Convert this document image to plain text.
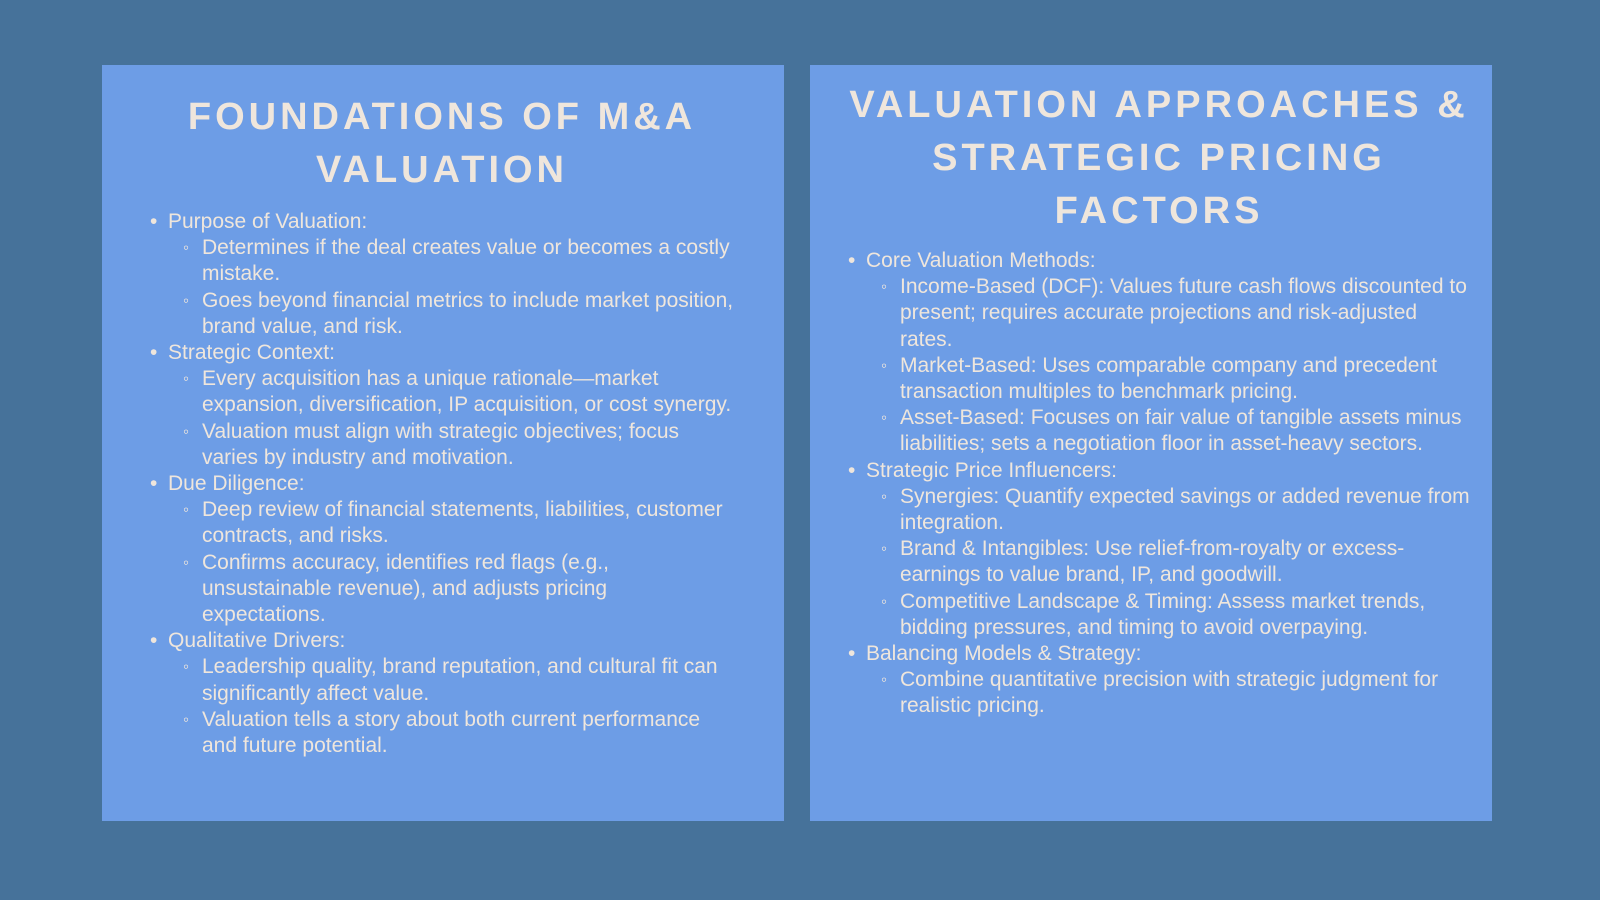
FOUNDATIONS OF M&A VALUATION
• Purpose of Valuation:
◦ Determines if the deal creates value or becomes a costly mistake.
◦ Goes beyond financial metrics to include market position, brand value, and risk.
• Strategic Context:
◦ Every acquisition has a unique rationale—market expansion, diversification, IP acquisition, or cost synergy.
◦ Valuation must align with strategic objectives; focus varies by industry and motivation.
• Due Diligence:
◦ Deep review of financial statements, liabilities, customer contracts, and risks.
◦ Confirms accuracy, identifies red flags (e.g., unsustainable revenue), and adjusts pricing expectations.
• Qualitative Drivers:
◦ Leadership quality, brand reputation, and cultural fit can significantly affect value.
◦ Valuation tells a story about both current performance and future potential.
VALUATION APPROACHES & STRATEGIC PRICING FACTORS
• Core Valuation Methods:
◦ Income-Based (DCF): Values future cash flows discounted to present; requires accurate projections and risk-adjusted rates.
◦ Market-Based: Uses comparable company and precedent transaction multiples to benchmark pricing.
◦ Asset-Based: Focuses on fair value of tangible assets minus liabilities; sets a negotiation floor in asset-heavy sectors.
• Strategic Price Influencers:
◦ Synergies: Quantify expected savings or added revenue from integration.
◦ Brand & Intangibles: Use relief-from-royalty or excess-earnings to value brand, IP, and goodwill.
◦ Competitive Landscape & Timing: Assess market trends, bidding pressures, and timing to avoid overpaying.
• Balancing Models & Strategy:
◦ Combine quantitative precision with strategic judgment for realistic pricing.
